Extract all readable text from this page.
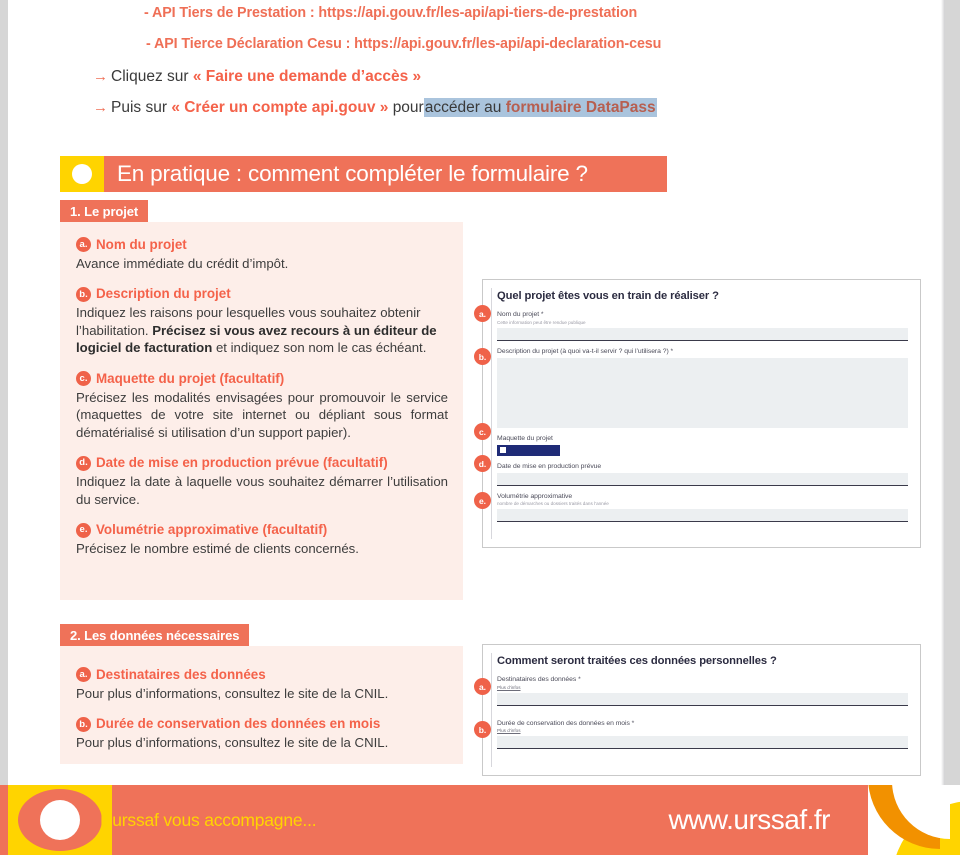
- API Tiers de Prestation : https://api.gouv.fr/les-api/api-tiers-de-prestation
- API Tierce Déclaration Cesu : https://api.gouv.fr/les-api/api-declaration-cesu
→ Cliquez sur « Faire une demande d’accès »
→ Puis sur « Créer un compte api.gouv » pouraccéder au formulaire DataPass
En pratique : comment compléter le formulaire ?
1. Le projet
a. Nom du projet
Avance immédiate du crédit d’impôt.
b. Description du projet
Indiquez les raisons pour lesquelles vous souhaitez obtenir l’habilitation. Précisez si vous avez recours à un éditeur de logiciel de facturation et indiquez son nom le cas échéant.
c. Maquette du projet (facultatif)
Précisez les modalités envisagées pour promouvoir le service (maquettes de votre site internet ou dépliant sous format dématérialisé si utilisation d’un support papier).
d. Date de mise en production prévue (facultatif)
Indiquez la date à laquelle vous souhaitez démarrer l’utilisation du service.
e. Volumétrie approximative (facultatif)
Précisez le nombre estimé de clients concernés.
Quel projet êtes vous en train de réaliser ?
Nom du projet *
Cette information peut être rendue publique
Description du projet (à quoi va-t-il servir ? qui l’utilisera ?) *
Maquette du projet
Date de mise en production prévue
Volumétrie approximative
nombre de démarches ou dossiers traités dans l’année
a.
b.
c.
d.
e.
2. Les données nécessaires
a. Destinataires des données
Pour plus d’informations, consultez le site de la CNIL.
b. Durée de conservation des données en mois
Pour plus d’informations, consultez le site de la CNIL.
Comment seront traitées ces données personnelles ?
Destinataires des données *
Plus d’infos
Durée de conservation des données en mois *
Plus d’infos
a.
b.
L’urssaf vous accompagne...	www.urssaf.fr
